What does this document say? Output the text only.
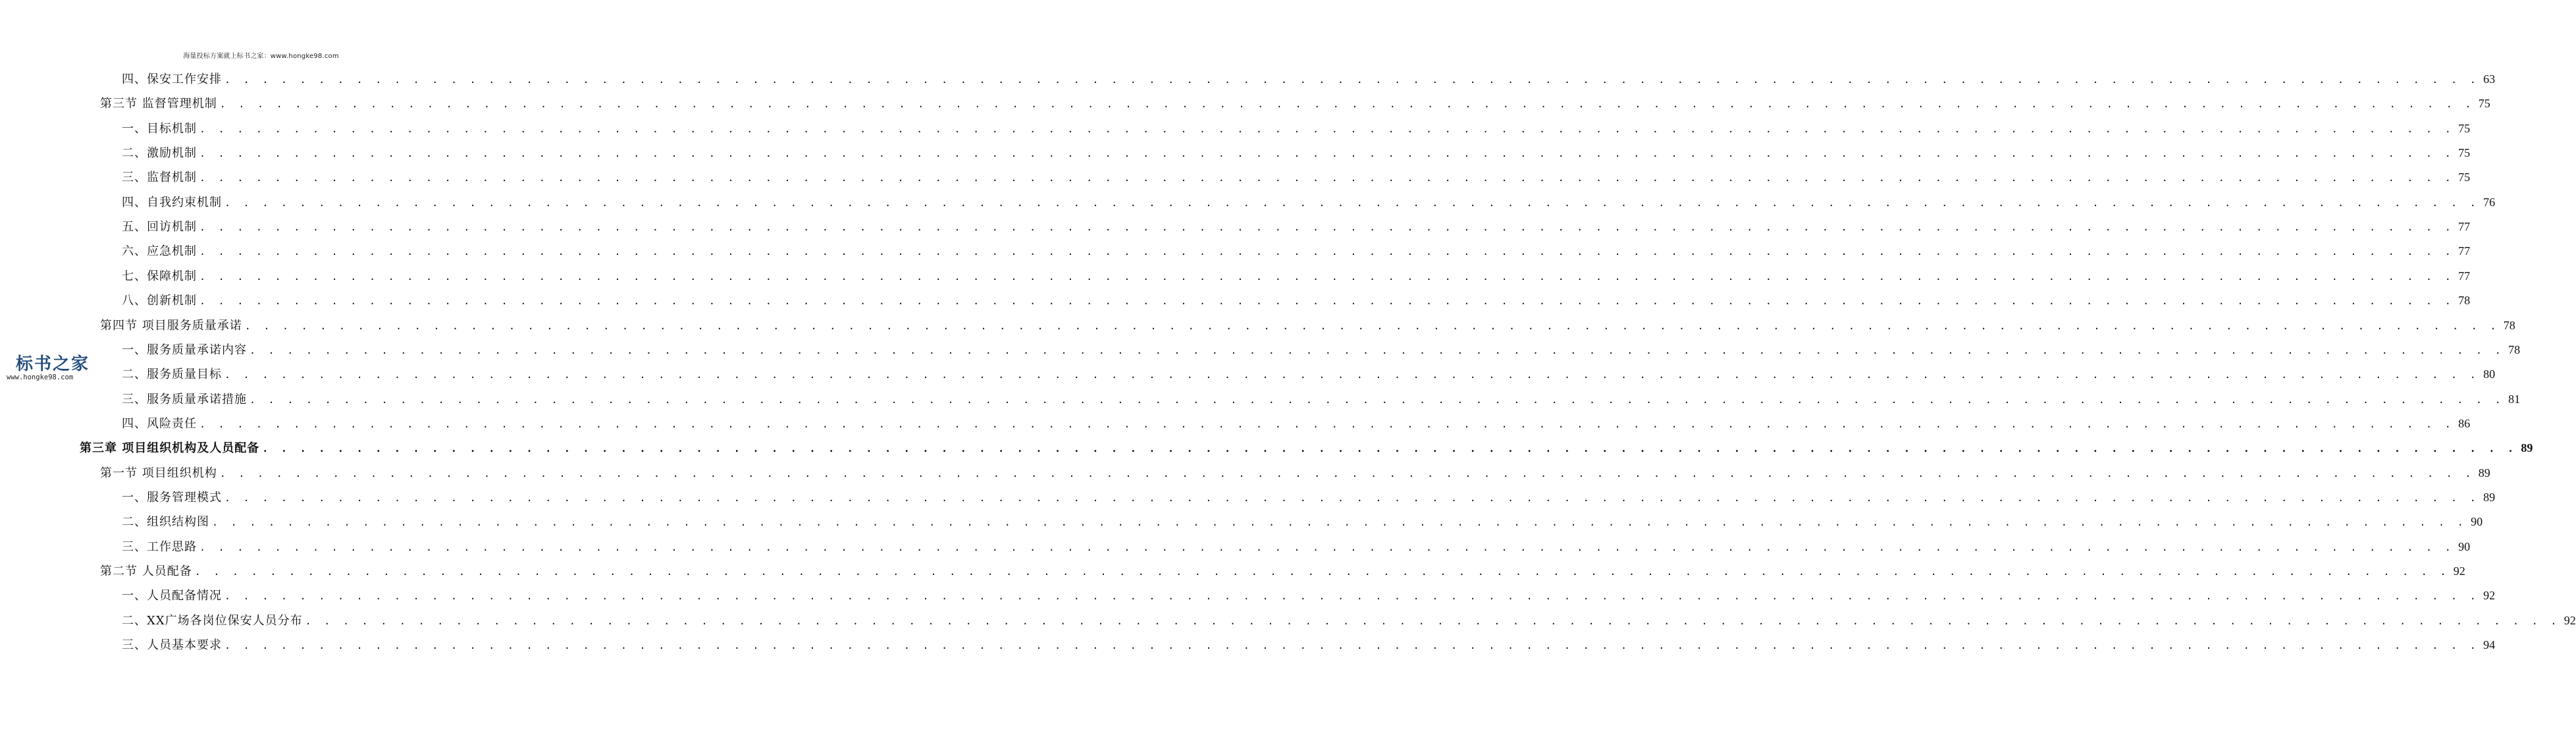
海量投标方案就上标书之家：www.hongke98.com
标书之家
www.hongke98.com
四、保安工作安排 . . . . . . . . . . . . . . . . . . . . . . . . . . . . . . . . . . . . . . . . . . . . . . . . . . . . . . . . . . . . . . . . . . . . . . . . . . . . . . . . . . . . . . . . . . . . . . . . . . . . . . . . . . . . . . . . . . . . . . . . 63
第三节 监督管理机制 . . . . . . . . . . . . . . . . . . . . . . . . . . . . . . . . . . . . . . . . . . . . . . . . . . . . . . . . . . . . . . . . . . . . . . . . . . . . . . . . . . . . . . . . . . . . . . . . . . . . . . . . . . . . . . . . . . . . . . . . 75
一、目标机制 . . . . . . . . . . . . . . . . . . . . . . . . . . . . . . . . . . . . . . . . . . . . . . . . . . . . . . . . . . . . . . . . . . . . . . . . . . . . . . . . . . . . . . . . . . . . . . . . . . . . . . . . . . . . . . . . . . . . . . . . 75
二、激励机制 . . . . . . . . . . . . . . . . . . . . . . . . . . . . . . . . . . . . . . . . . . . . . . . . . . . . . . . . . . . . . . . . . . . . . . . . . . . . . . . . . . . . . . . . . . . . . . . . . . . . . . . . . . . . . . . . . . . . . . . . 75
三、监督机制 . . . . . . . . . . . . . . . . . . . . . . . . . . . . . . . . . . . . . . . . . . . . . . . . . . . . . . . . . . . . . . . . . . . . . . . . . . . . . . . . . . . . . . . . . . . . . . . . . . . . . . . . . . . . . . . . . . . . . . . . 75
四、自我约束机制 . . . . . . . . . . . . . . . . . . . . . . . . . . . . . . . . . . . . . . . . . . . . . . . . . . . . . . . . . . . . . . . . . . . . . . . . . . . . . . . . . . . . . . . . . . . . . . . . . . . . . . . . . . . . . . . . . . . . . . . . 76
五、回访机制 . . . . . . . . . . . . . . . . . . . . . . . . . . . . . . . . . . . . . . . . . . . . . . . . . . . . . . . . . . . . . . . . . . . . . . . . . . . . . . . . . . . . . . . . . . . . . . . . . . . . . . . . . . . . . . . . . . . . . . . . 77
六、应急机制 . . . . . . . . . . . . . . . . . . . . . . . . . . . . . . . . . . . . . . . . . . . . . . . . . . . . . . . . . . . . . . . . . . . . . . . . . . . . . . . . . . . . . . . . . . . . . . . . . . . . . . . . . . . . . . . . . . . . . . . . 77
七、保障机制 . . . . . . . . . . . . . . . . . . . . . . . . . . . . . . . . . . . . . . . . . . . . . . . . . . . . . . . . . . . . . . . . . . . . . . . . . . . . . . . . . . . . . . . . . . . . . . . . . . . . . . . . . . . . . . . . . . . . . . . . 77
八、创新机制 . . . . . . . . . . . . . . . . . . . . . . . . . . . . . . . . . . . . . . . . . . . . . . . . . . . . . . . . . . . . . . . . . . . . . . . . . . . . . . . . . . . . . . . . . . . . . . . . . . . . . . . . . . . . . . . . . . . . . . . . 78
第四节 项目服务质量承诺 . . . . . . . . . . . . . . . . . . . . . . . . . . . . . . . . . . . . . . . . . . . . . . . . . . . . . . . . . . . . . . . . . . . . . . . . . . . . . . . . . . . . . . . . . . . . . . . . . . . . . . . . . . . . . . . . . . . . . . . . 78
一、服务质量承诺内容 . . . . . . . . . . . . . . . . . . . . . . . . . . . . . . . . . . . . . . . . . . . . . . . . . . . . . . . . . . . . . . . . . . . . . . . . . . . . . . . . . . . . . . . . . . . . . . . . . . . . . . . . . . . . . . . . . . . . . . . . 78
二、服务质量目标 . . . . . . . . . . . . . . . . . . . . . . . . . . . . . . . . . . . . . . . . . . . . . . . . . . . . . . . . . . . . . . . . . . . . . . . . . . . . . . . . . . . . . . . . . . . . . . . . . . . . . . . . . . . . . . . . . . . . . . . . 80
三、服务质量承诺措施 . . . . . . . . . . . . . . . . . . . . . . . . . . . . . . . . . . . . . . . . . . . . . . . . . . . . . . . . . . . . . . . . . . . . . . . . . . . . . . . . . . . . . . . . . . . . . . . . . . . . . . . . . . . . . . . . . . . . . . . . 81
四、风险责任 . . . . . . . . . . . . . . . . . . . . . . . . . . . . . . . . . . . . . . . . . . . . . . . . . . . . . . . . . . . . . . . . . . . . . . . . . . . . . . . . . . . . . . . . . . . . . . . . . . . . . . . . . . . . . . . . . . . . . . . . 86
第三章 项目组织机构及人员配备 . . . . . . . . . . . . . . . . . . . . . . . . . . . . . . . . . . . . . . . . . . . . . . . . . . . . . . . . . . . . . . . . . . . . . . . . . . . . . . . . . . . . . . . . . . . . . . . . . . . . . . . . . . . . . . . . . . . . . . . . 89
第一节 项目组织机构 . . . . . . . . . . . . . . . . . . . . . . . . . . . . . . . . . . . . . . . . . . . . . . . . . . . . . . . . . . . . . . . . . . . . . . . . . . . . . . . . . . . . . . . . . . . . . . . . . . . . . . . . . . . . . . . . . . . . . . . . 89
一、服务管理模式 . . . . . . . . . . . . . . . . . . . . . . . . . . . . . . . . . . . . . . . . . . . . . . . . . . . . . . . . . . . . . . . . . . . . . . . . . . . . . . . . . . . . . . . . . . . . . . . . . . . . . . . . . . . . . . . . . . . . . . . . 89
二、组织结构图 . . . . . . . . . . . . . . . . . . . . . . . . . . . . . . . . . . . . . . . . . . . . . . . . . . . . . . . . . . . . . . . . . . . . . . . . . . . . . . . . . . . . . . . . . . . . . . . . . . . . . . . . . . . . . . . . . . . . . . . . 90
三、工作思路 . . . . . . . . . . . . . . . . . . . . . . . . . . . . . . . . . . . . . . . . . . . . . . . . . . . . . . . . . . . . . . . . . . . . . . . . . . . . . . . . . . . . . . . . . . . . . . . . . . . . . . . . . . . . . . . . . . . . . . . . 90
第二节 人员配备 . . . . . . . . . . . . . . . . . . . . . . . . . . . . . . . . . . . . . . . . . . . . . . . . . . . . . . . . . . . . . . . . . . . . . . . . . . . . . . . . . . . . . . . . . . . . . . . . . . . . . . . . . . . . . . . . . . . . . . . . 92
一、人员配备情况 . . . . . . . . . . . . . . . . . . . . . . . . . . . . . . . . . . . . . . . . . . . . . . . . . . . . . . . . . . . . . . . . . . . . . . . . . . . . . . . . . . . . . . . . . . . . . . . . . . . . . . . . . . . . . . . . . . . . . . . . 92
二、XX广场各岗位保安人员分布 . . . . . . . . . . . . . . . . . . . . . . . . . . . . . . . . . . . . . . . . . . . . . . . . . . . . . . . . . . . . . . . . . . . . . . . . . . . . . . . . . . . . . . . . . . . . . . . . . . . . . . . . . . . . . . . . . . . . . . . . 92
三、人员基本要求 . . . . . . . . . . . . . . . . . . . . . . . . . . . . . . . . . . . . . . . . . . . . . . . . . . . . . . . . . . . . . . . . . . . . . . . . . . . . . . . . . . . . . . . . . . . . . . . . . . . . . . . . . . . . . . . . . . . . . . . . 94
